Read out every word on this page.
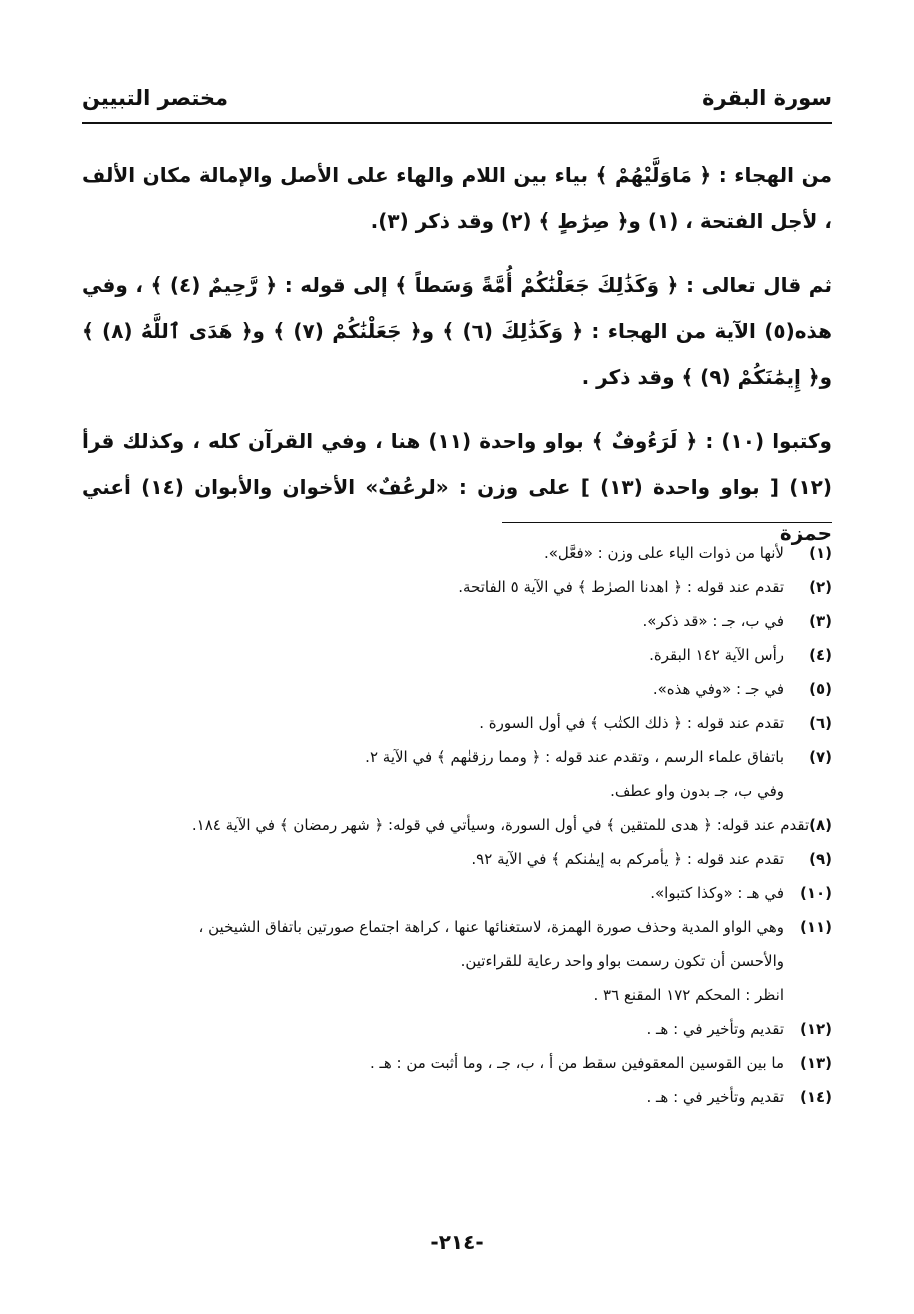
سورة البقرة
مختصر التبيين

من الهجاء : ﴿ مَاوَلَّيْهُمْ ﴾ بياء بين اللام والهاء على الأصل والإمالة مكان الألف ، لأجل الفتحة ، (١) و﴿ صِرَٰطٍ ﴾ (٢) وقد ذكر (٣).

ثم قال تعالى : ﴿ وَكَذَٰلِكَ جَعَلْنَٰكُمْ أُمَّةً وَسَطاً ﴾ إلى قوله : ﴿ رَّحِيمٌ (٤) ﴾ ، وفي هذه(٥) الآية من الهجاء : ﴿ وَكَذَٰلِكَ (٦) ﴾ و﴿ جَعَلْنَٰكُمْ (٧) ﴾ و﴿ هَدَى ٱللَّهُ (٨) ﴾ و﴿ إِيمَٰنَكُمْ (٩) ﴾ وقد ذكر .

وكتبوا (١٠) : ﴿ لَرَءُوفٌ ﴾ بواو واحدة (١١) هنا ، وفي القرآن كله ، وكذلك قرأ (١٢) [ بواو واحدة (١٣) ] على وزن : «لرعُفٌ» الأخوان والأبوان (١٤) أعني حمزة

(١)
لأنها من ذوات الياء على وزن : «فعَّل».
(٢)
تقدم عند قوله : ﴿ اهدنا الصرٰط ﴾ في الآية ٥ الفاتحة.
(٣)
في ب، جـ : «قد ذكر».
(٤)
رأس الآية ١٤٢ البقرة.
(٥)
في جـ : «وفي هذه».
(٦)
تقدم عند قوله : ﴿ ذلك الكتٰب ﴾ في أول السورة .
(٧)
باتفاق علماء الرسم ، وتقدم عند قوله : ﴿ ومما رزقنٰهم ﴾ في الآية ٢.
وفي ب، جـ بدون واو عطف.
(٨)
تقدم عند قوله: ﴿ هدى للمتقين ﴾ في أول السورة، وسيأتي في قوله: ﴿ شهر رمضان ﴾ في الآية ١٨٤.
(٩)
تقدم عند قوله : ﴿ يأمركم به إيمٰنكم ﴾ في الآية ٩٢.
(١٠)
في هـ : «وكذا كتبوا».
(١١)
وهي الواو المدية وحذف صورة الهمزة، لاستغنائها عنها ، كراهة اجتماع صورتين باتفاق الشيخين ،
والأحسن أن تكون رسمت بواو واحد رعاية للقراءتين.
انظر : المحكم ١٧٢ المقنع ٣٦ .
(١٢)
تقديم وتأخير في : هـ .
(١٣)
ما بين القوسين المعقوفين سقط من أ ، ب، جـ ، وما أثبت من : هـ .
(١٤)
تقديم وتأخير في : هـ .
-٢١٤-
